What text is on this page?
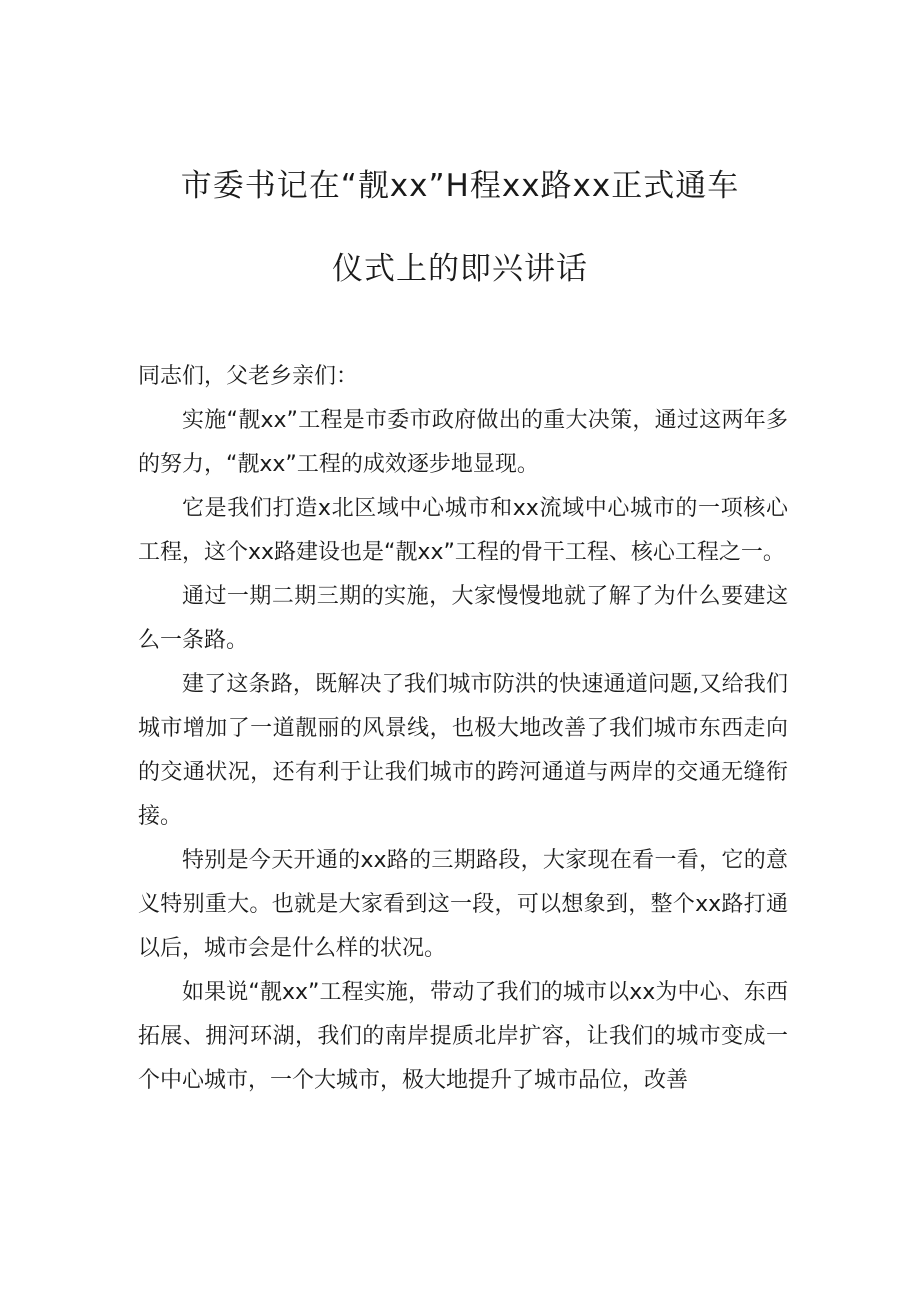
市委书记在“靓xx”H程xx路xx正式通车
仪式上的即兴讲话

同志们，父老乡亲们：

实施“靓xx”工程是市委市政府做出的重大决策，通过这两年多的努力，“靓xx”工程的成效逐步地显现。

它是我们打造x北区域中心城市和xx流域中心城市的一项核心工程，这个xx路建设也是“靓xx”工程的骨干工程、核心工程之一。

通过一期二期三期的实施，大家慢慢地就了解了为什么要建这么一条路。

建了这条路，既解决了我们城市防洪的快速通道问题,又给我们城市增加了一道靓丽的风景线，也极大地改善了我们城市东西走向的交通状况，还有利于让我们城市的跨河通道与两岸的交通无缝衔接。

特别是今天开通的xx路的三期路段，大家现在看一看，它的意义特别重大。也就是大家看到这一段，可以想象到，整个xx路打通以后，城市会是什么样的状况。

如果说“靓xx”工程实施，带动了我们的城市以xx为中心、东西拓展、拥河环湖，我们的南岸提质北岸扩容，让我们的城市变成一个中心城市，一个大城市，极大地提升了城市品位，改善
